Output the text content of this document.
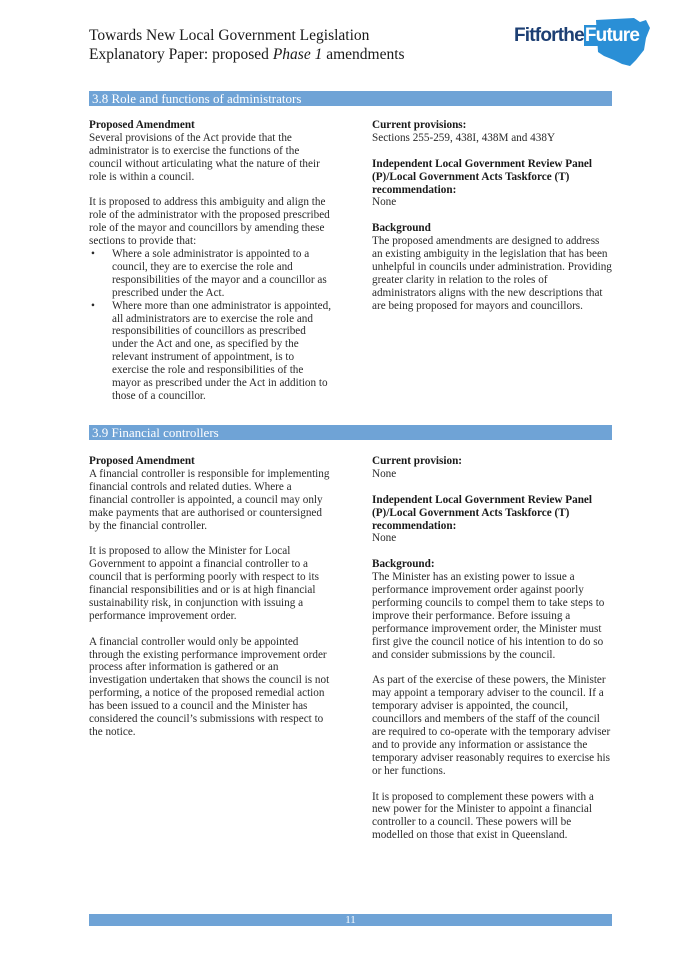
Towards New Local Government Legislation
Explanatory Paper: proposed Phase 1 amendments
FitfortheFuture
3.8 Role and functions of administrators

Proposed Amendment

Several provisions of the Act provide that the administrator is to exercise the functions of the council without articulating what the nature of their role is within a council.

It is proposed to address this ambiguity and align the role of the administrator with the proposed prescribed role of the mayor and councillors by amending these sections to provide that:

• Where a sole administrator is appointed to a council, they are to exercise the role and responsibilities of the mayor and a councillor as prescribed under the Act.
• Where more than one administrator is appointed, all administrators are to exercise the role and responsibilities of councillors as prescribed under the Act and one, as specified by the relevant instrument of appointment, is to exercise the role and responsibilities of the mayor as prescribed under the Act in addition to those of a councillor.

Current provisions:

Sections 255-259, 438I, 438M and 438Y

Independent Local Government Review Panel (P)/Local Government Acts Taskforce (T) recommendation:

None

Background

The proposed amendments are designed to address an existing ambiguity in the legislation that has been unhelpful in councils under administration. Providing greater clarity in relation to the roles of administrators aligns with the new descriptions that are being proposed for mayors and councillors.

3.9 Financial controllers

Proposed Amendment

A financial controller is responsible for implementing financial controls and related duties. Where a financial controller is appointed, a council may only make payments that are authorised or countersigned by the financial controller.

It is proposed to allow the Minister for Local Government to appoint a financial controller to a council that is performing poorly with respect to its financial responsibilities and or is at high financial sustainability risk, in conjunction with issuing a performance improvement order.

A financial controller would only be appointed through the existing performance improvement order process after information is gathered or an investigation undertaken that shows the council is not performing, a notice of the proposed remedial action has been issued to a council and the Minister has considered the council’s submissions with respect to the notice.

Current provision:

None

Independent Local Government Review Panel (P)/Local Government Acts Taskforce (T) recommendation:

None

Background:

The Minister has an existing power to issue a performance improvement order against poorly performing councils to compel them to take steps to improve their performance. Before issuing a performance improvement order, the Minister must first give the council notice of his intention to do so and consider submissions by the council.

As part of the exercise of these powers, the Minister may appoint a temporary adviser to the council. If a temporary adviser is appointed, the council, councillors and members of the staff of the council are required to co-operate with the temporary adviser and to provide any information or assistance the temporary adviser reasonably requires to exercise his or her functions.

It is proposed to complement these powers with a new power for the Minister to appoint a financial controller to a council. These powers will be modelled on those that exist in Queensland.

11
